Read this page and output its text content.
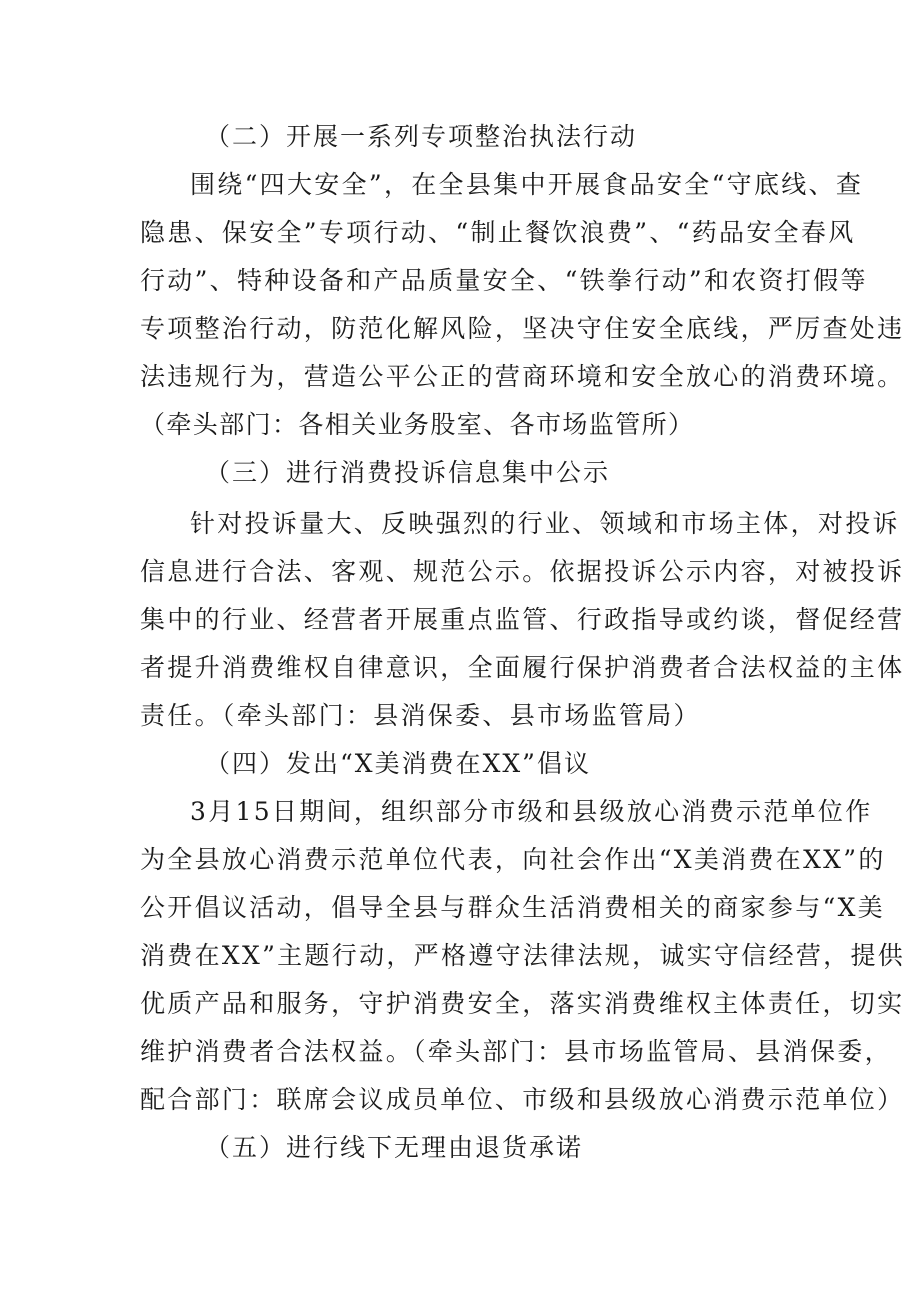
（二）开展一系列专项整治执法行动
围绕“四大安全”，在全县集中开展食品安全“守底线、查
隐患、保安全”专项行动、“制止餐饮浪费”、“药品安全春风
行动”、特种设备和产品质量安全、“铁拳行动”和农资打假等
专项整治行动，防范化解风险，坚决守住安全底线，严厉查处违
法违规行为，营造公平公正的营商环境和安全放心的消费环境。
（牵头部门：各相关业务股室、各市场监管所）
（三）进行消费投诉信息集中公示
针对投诉量大、反映强烈的行业、领域和市场主体，对投诉
信息进行合法、客观、规范公示。依据投诉公示内容，对被投诉
集中的行业、经营者开展重点监管、行政指导或约谈，督促经营
者提升消费维权自律意识，全面履行保护消费者合法权益的主体
责任。（牵头部门：县消保委、县市场监管局）
（四）发出“X美消费在XX”倡议
3月15日期间，组织部分市级和县级放心消费示范单位作
为全县放心消费示范单位代表，向社会作出“X美消费在XX”的
公开倡议活动，倡导全县与群众生活消费相关的商家参与“X美
消费在XX”主题行动，严格遵守法律法规，诚实守信经营，提供
优质产品和服务，守护消费安全，落实消费维权主体责任，切实
维护消费者合法权益。（牵头部门：县市场监管局、县消保委，
配合部门：联席会议成员单位、市级和县级放心消费示范单位）
（五）进行线下无理由退货承诺
